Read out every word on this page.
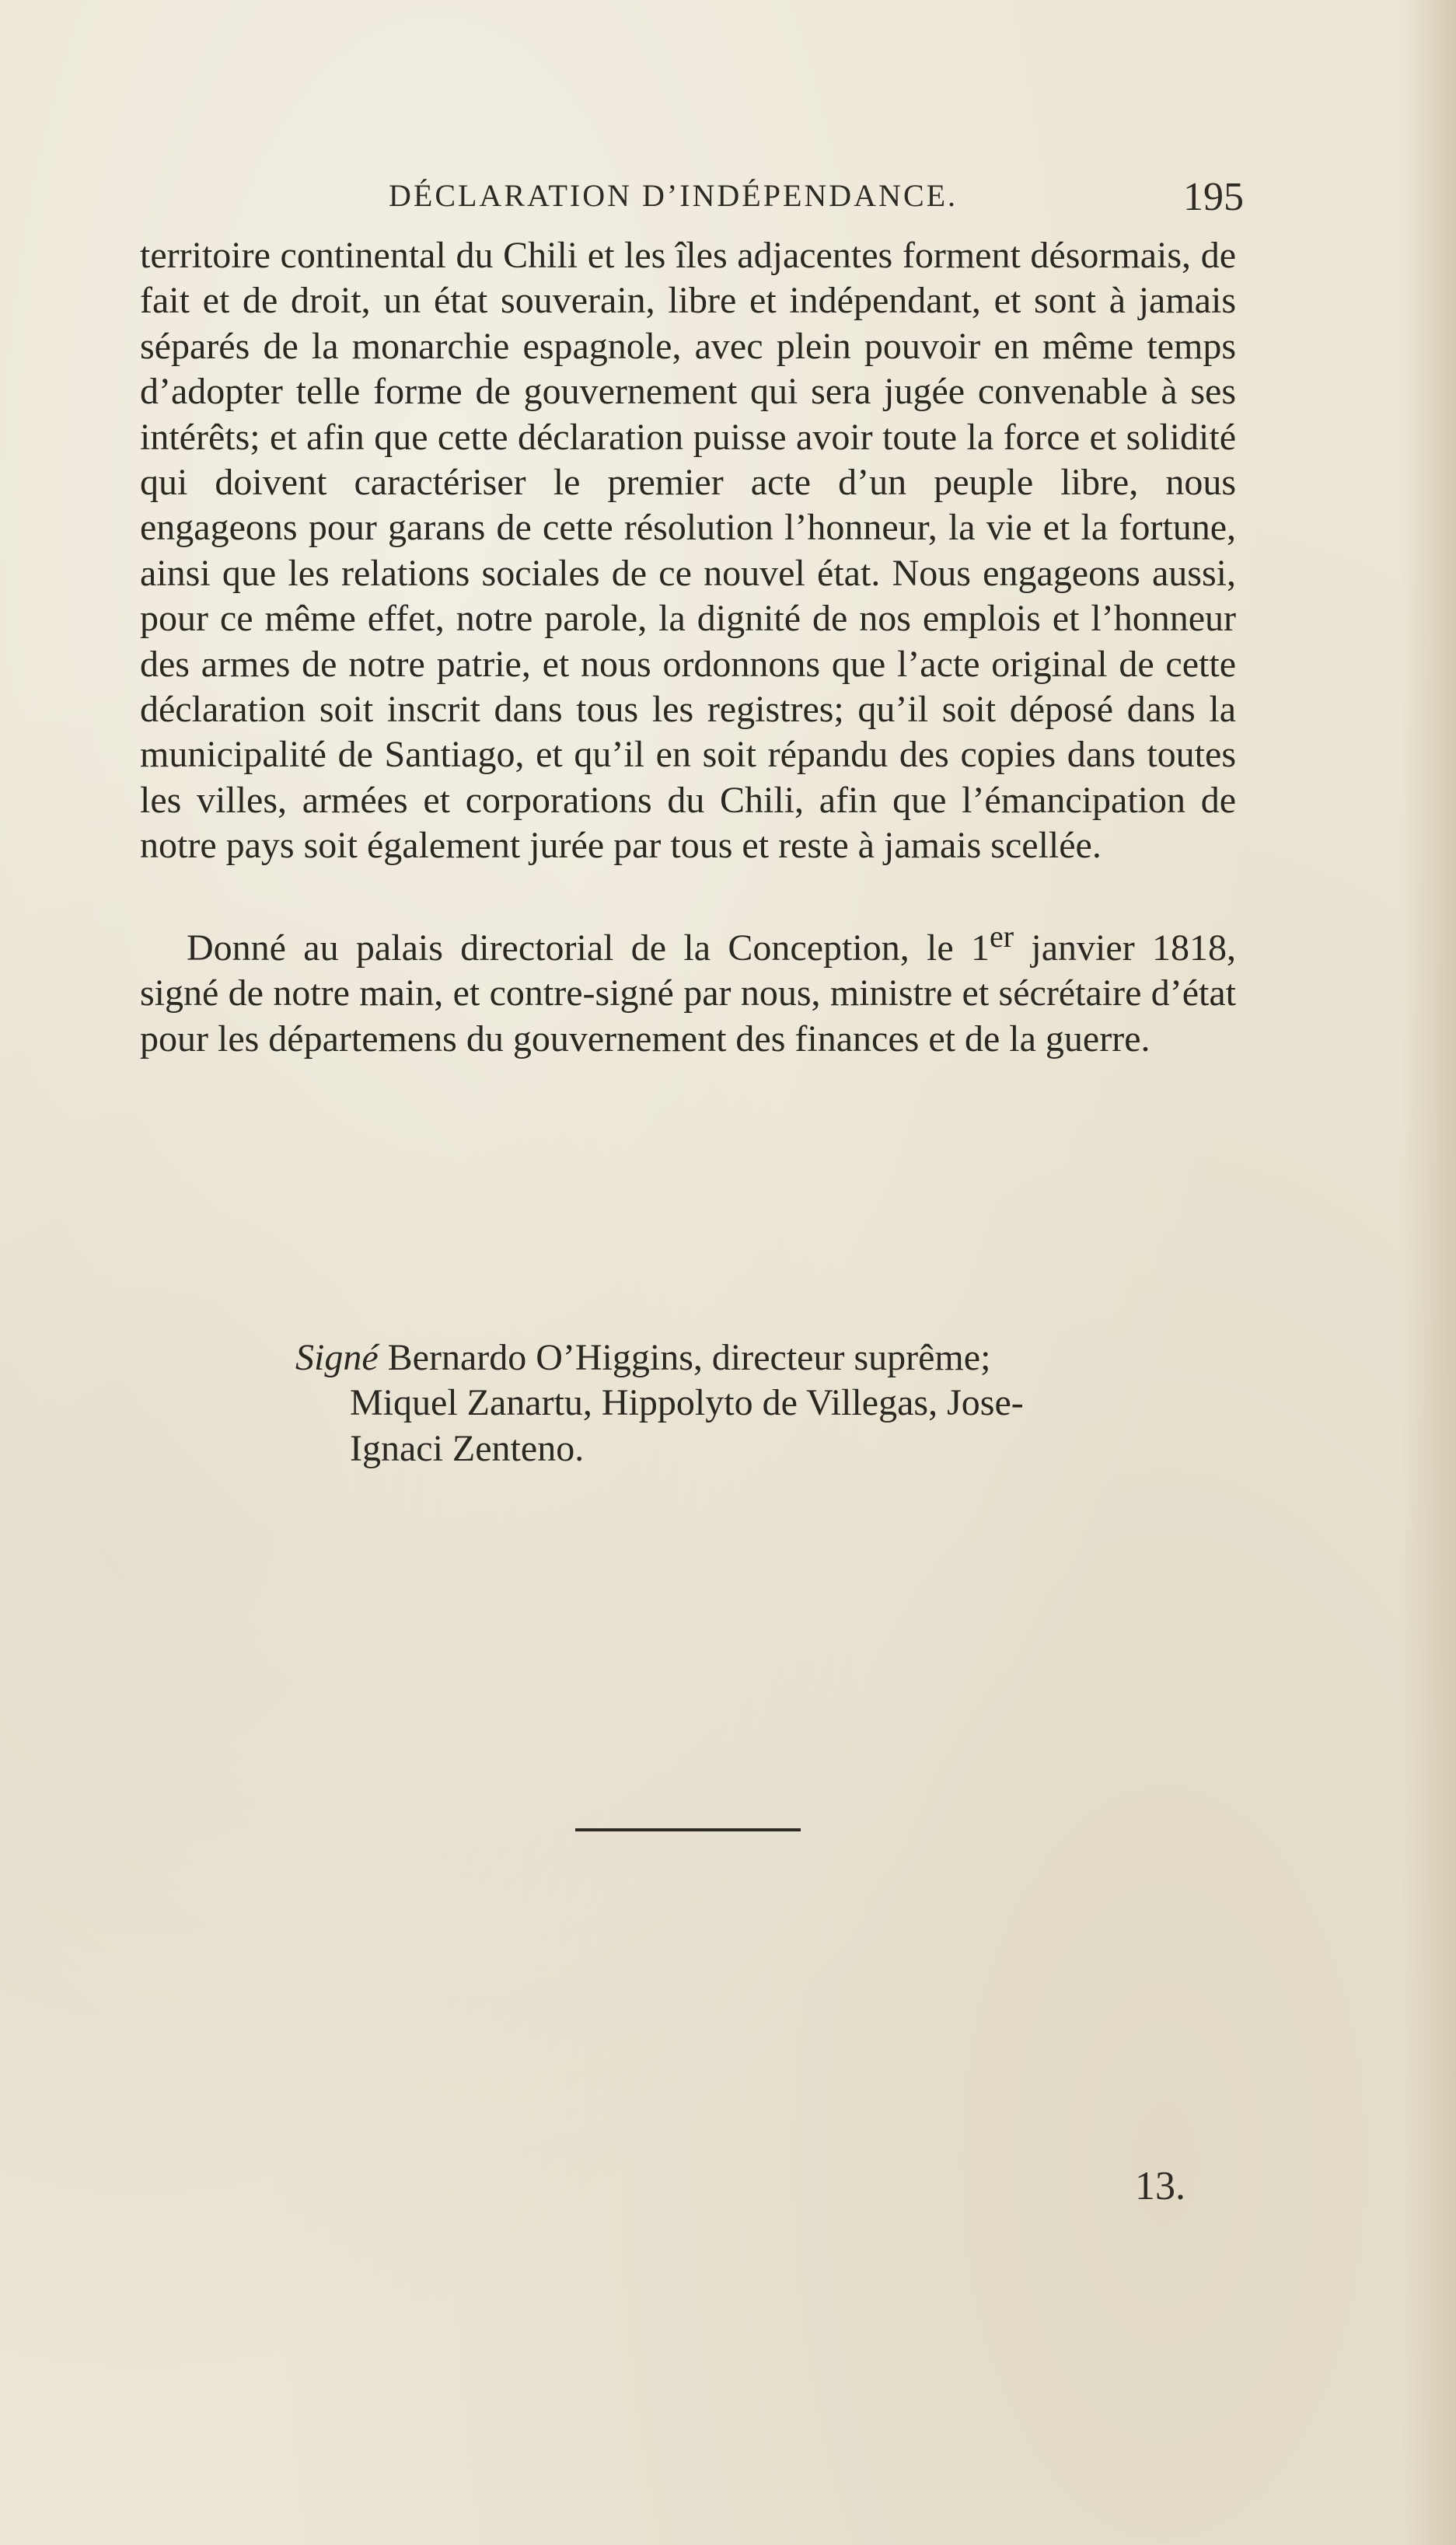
DÉCLARATION D’INDÉPENDANCE.	195

territoire continental du Chili et les îles adjacentes forment désormais, de fait et de droit, un état souverain, libre et indépendant, et sont à jamais séparés de la monarchie espagnole, avec plein pouvoir en même temps d’adopter telle forme de gouvernement qui sera jugée convenable à ses intérêts; et afin que cette déclaration puisse avoir toute la force et solidité qui doivent caractériser le premier acte d’un peuple libre, nous engageons pour garans de cette résolution l’honneur, la vie et la fortune, ainsi que les relations sociales de ce nouvel état. Nous engageons aussi, pour ce même effet, notre parole, la dignité de nos emplois et l’honneur des armes de notre patrie, et nous ordonnons que l’acte original de cette déclaration soit inscrit dans tous les registres; qu’il soit déposé dans la municipalité de Santiago, et qu’il en soit répandu des copies dans toutes les villes, armées et corporations du Chili, afin que l’émancipation de notre pays soit également jurée par tous et reste à jamais scellée.

Donné au palais directorial de la Conception, le 1er janvier 1818, signé de notre main, et contre-signé par nous, ministre et sécrétaire d’état pour les départemens du gouvernement des finances et de la guerre.

Signé Bernardo O’Higgins, directeur suprême;
Miquel Zanartu, Hippolyto de Villegas, Jose-
Ignaci Zenteno.
13.
